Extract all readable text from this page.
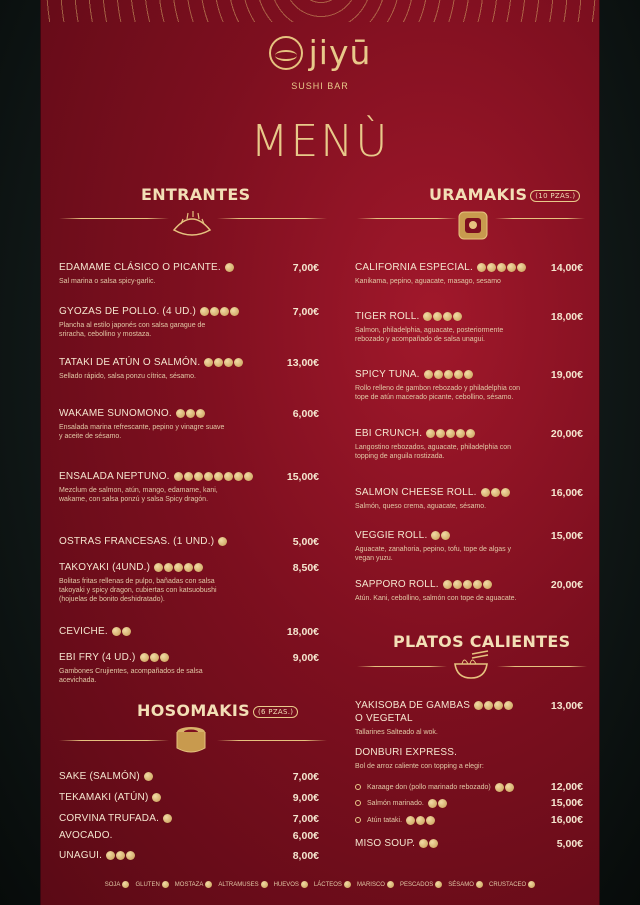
jiyū
SUSHI BAR
MENÙ
ENTRANTES
EDAMAME CLÁSICO O PICANTE.	7,00€
Sal marina o salsa spicy-garlic.
GYOZAS DE POLLO. (4 UD.)	7,00€
Plancha al estilo japonés con salsa garague de sriracha, cebollino y mostaza.
TATAKI DE ATÚN O SALMÓN.	13,00€
Sellado rápido, salsa ponzu cítrica, sésamo.
WAKAME SUNOMONO.	6,00€
Ensalada marina refrescante, pepino y vinagre suave y aceite de sésamo.
ENSALADA NEPTUNO.	15,00€
Mezclum de salmon, atún, mango, edamame, kani, wakame, con salsa ponzú y salsa Spicy dragón.
OSTRAS FRANCESAS. (1 UND.)	5,00€
TAKOYAKI (4UND.)	8,50€
Bolitas fritas rellenas de pulpo, bañadas con salsa takoyaki y spicy dragon, cubiertas con katsuobushi (hojuelas de bonito deshidratado).
CEVICHE.	18,00€
EBI FRY (4 UD.)	9,00€
Gambones Crujientes, acompañados de salsa acevichada.
HOSOMAKIS (6 PZAS.)
SAKE (SALMÓN)	7,00€
TEKAMAKI (ATÚN)	9,00€
CORVINA TRUFADA.	7,00€
AVOCADO.	6,00€
UNAGUI.	8,00€
URAMAKIS (10 PZAS.)
CALIFORNIA ESPECIAL.	14,00€
Kanikama, pepino, aguacate, masago, sesamo
TIGER ROLL.	18,00€
Salmon, philadelphia, aguacate, posteriormente rebozado y acompañado de salsa unagui.
SPICY TUNA.	19,00€
Rollo relleno de gambon rebozado y philadelphia con tope de atún macerado picante, cebollino, sésamo.
EBI CRUNCH.	20,00€
Langostino rebozados, aguacate, philadelphia con topping de anguila rostizada.
SALMON CHEESE ROLL.	16,00€
Salmón, queso crema, aguacate, sésamo.
VEGGIE ROLL.	15,00€
Aguacate, zanahoria, pepino, tofu, tope de algas y vegan yuzu.
SAPPORO ROLL.	20,00€
Atún. Kani, cebollino, salmón con tope de aguacate.
PLATOS CALIENTES
YAKISOBA DE GAMBAS
O VEGETAL
13,00€
Tallarines Salteado al wok.
DONBURI EXPRESS.
Bol de arroz caliente con topping a elegir:
Karaage don (pollo marinado rebozado)	12,00€
Salmón marinado.	15,00€
Atún tataki.	16,00€
MISO SOUP.	5,00€
SOJA	GLUTEN	MOSTAZA	ALTRAMUSES	HUEVOS	LÁCTEOS	MARISCO	PESCADOS	SÉSAMO	CRUSTACEO
